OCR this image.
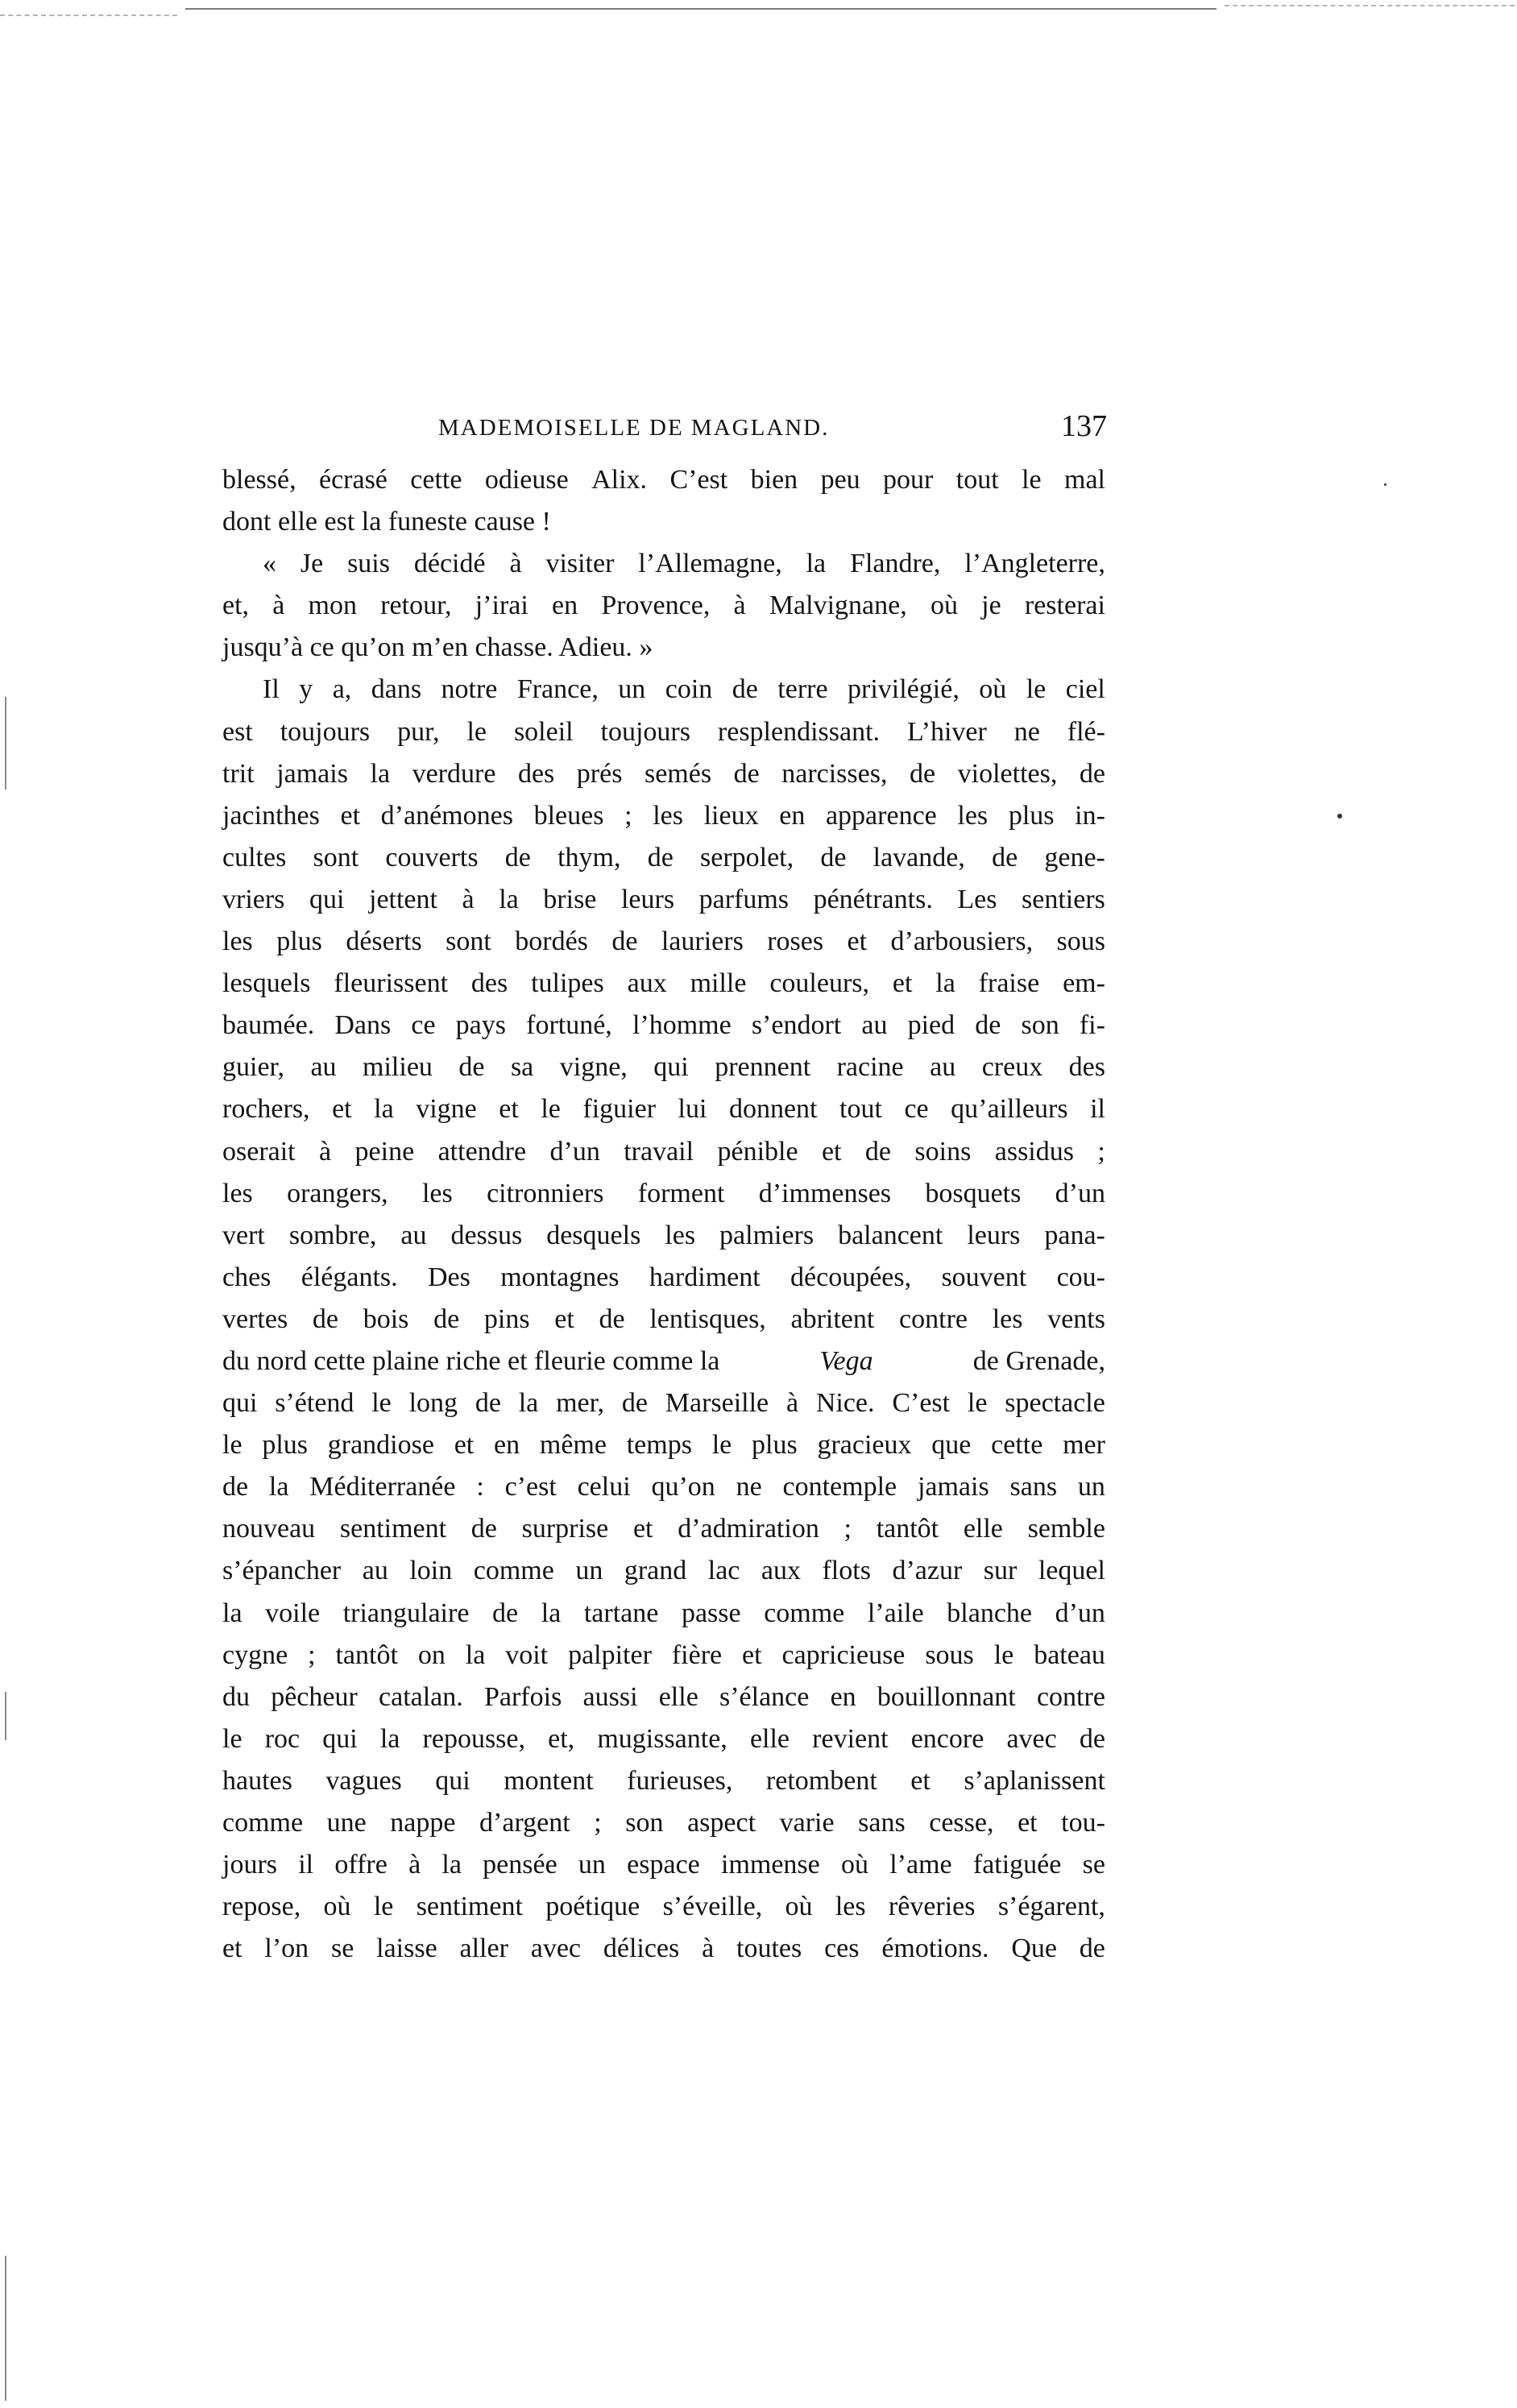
MADEMOISELLE DE MAGLAND.	137
blessé, écrasé cette odieuse Alix. C’est bien peu pour tout le mal
dont elle est la funeste cause !
« Je suis décidé à visiter l’Allemagne, la Flandre, l’Angleterre,
et, à mon retour, j’irai en Provence, à Malvignane, où je resterai
jusqu’à ce qu’on m’en chasse. Adieu. »
Il y a, dans notre France, un coin de terre privilégié, où le ciel
est toujours pur, le soleil toujours resplendissant. L’hiver ne flé-
trit jamais la verdure des prés semés de narcisses, de violettes, de
jacinthes et d’anémones bleues ; les lieux en apparence les plus in-
cultes sont couverts de thym, de serpolet, de lavande, de gene-
vriers qui jettent à la brise leurs parfums pénétrants. Les sentiers
les plus déserts sont bordés de lauriers roses et d’arbousiers, sous
lesquels fleurissent des tulipes aux mille couleurs, et la fraise em-
baumée. Dans ce pays fortuné, l’homme s’endort au pied de son fi-
guier, au milieu de sa vigne, qui prennent racine au creux des
rochers, et la vigne et le figuier lui donnent tout ce qu’ailleurs il
oserait à peine attendre d’un travail pénible et de soins assidus ;
les orangers, les citronniers forment d’immenses bosquets d’un
vert sombre, au dessus desquels les palmiers balancent leurs pana-
ches élégants. Des montagnes hardiment découpées, souvent cou-
vertes de bois de pins et de lentisques, abritent contre les vents
du nord cette plaine riche et fleurie comme la	Vega	de Grenade,
qui s’étend le long de la mer, de Marseille à Nice. C’est le spectacle
le plus grandiose et en même temps le plus gracieux que cette mer
de la Méditerranée : c’est celui qu’on ne contemple jamais sans un
nouveau sentiment de surprise et d’admiration ; tantôt elle semble
s’épancher au loin comme un grand lac aux flots d’azur sur lequel
la voile triangulaire de la tartane passe comme l’aile blanche d’un
cygne ; tantôt on la voit palpiter fière et capricieuse sous le bateau
du pêcheur catalan. Parfois aussi elle s’élance en bouillonnant contre
le roc qui la repousse, et, mugissante, elle revient encore avec de
hautes vagues qui montent furieuses, retombent et s’aplanissent
comme une nappe d’argent ; son aspect varie sans cesse, et tou-
jours il offre à la pensée un espace immense où l’ame fatiguée se
repose, où le sentiment poétique s’éveille, où les rêveries s’égarent,
et l’on se laisse aller avec délices à toutes ces émotions. Que de
